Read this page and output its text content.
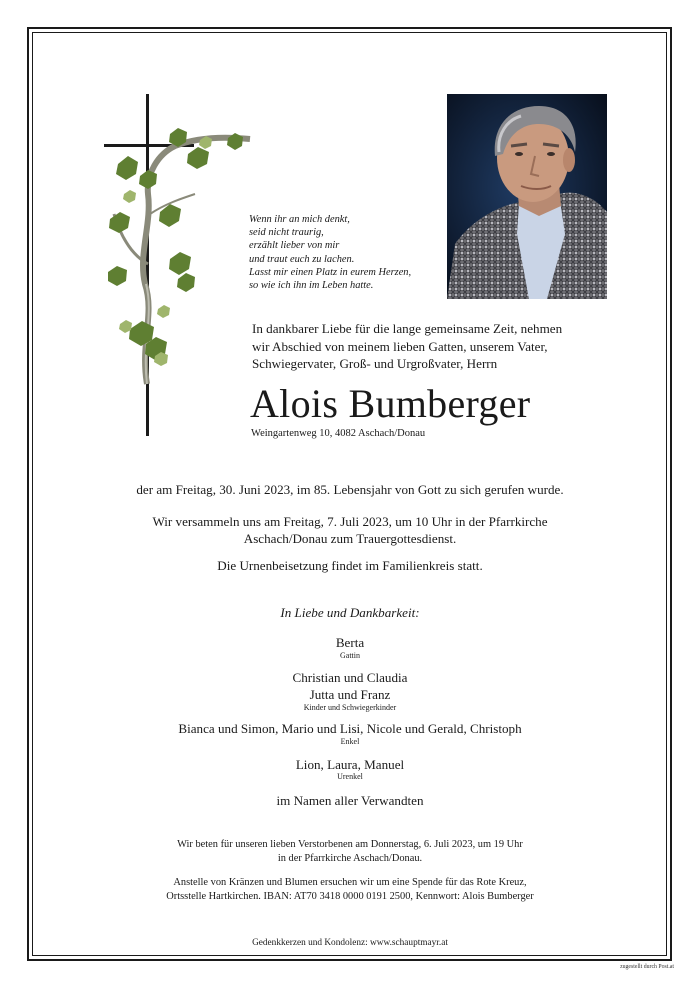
Wenn ihr an mich denkt,
seid nicht traurig,
erzählt lieber von mir
und traut euch zu lachen.
Lasst mir einen Platz in eurem Herzen,
so wie ich ihn im Leben hatte.
In dankbarer Liebe für die lange gemeinsame Zeit, nehmen
wir Abschied von meinem lieben Gatten, unserem Vater,
Schwiegervater, Groß- und Urgroßvater, Herrn
Alois Bumberger
Weingartenweg 10, 4082 Aschach/Donau
der am Freitag, 30. Juni 2023, im 85. Lebensjahr von Gott zu sich gerufen wurde.
Wir versammeln uns am Freitag, 7. Juli 2023, um 10 Uhr in der Pfarrkirche
Aschach/Donau zum Trauergottesdienst.
Die Urnenbeisetzung findet im Familienkreis statt.
In Liebe und Dankbarkeit:
Berta
Gattin
Christian und Claudia
Jutta und Franz
Kinder und Schwiegerkinder
Bianca und Simon, Mario und Lisi, Nicole und Gerald, Christoph
Enkel
Lion, Laura, Manuel
Urenkel
im Namen aller Verwandten
Wir beten für unseren lieben Verstorbenen am Donnerstag, 6. Juli 2023, um 19 Uhr
in der Pfarrkirche Aschach/Donau.
Anstelle von Kränzen und Blumen ersuchen wir um eine Spende für das Rote Kreuz,
Ortsstelle Hartkirchen. IBAN: AT70 3418 0000 0191 2500, Kennwort: Alois Bumberger
Gedenkkerzen und Kondolenz: www.schauptmayr.at
zugestellt durch Post.at
